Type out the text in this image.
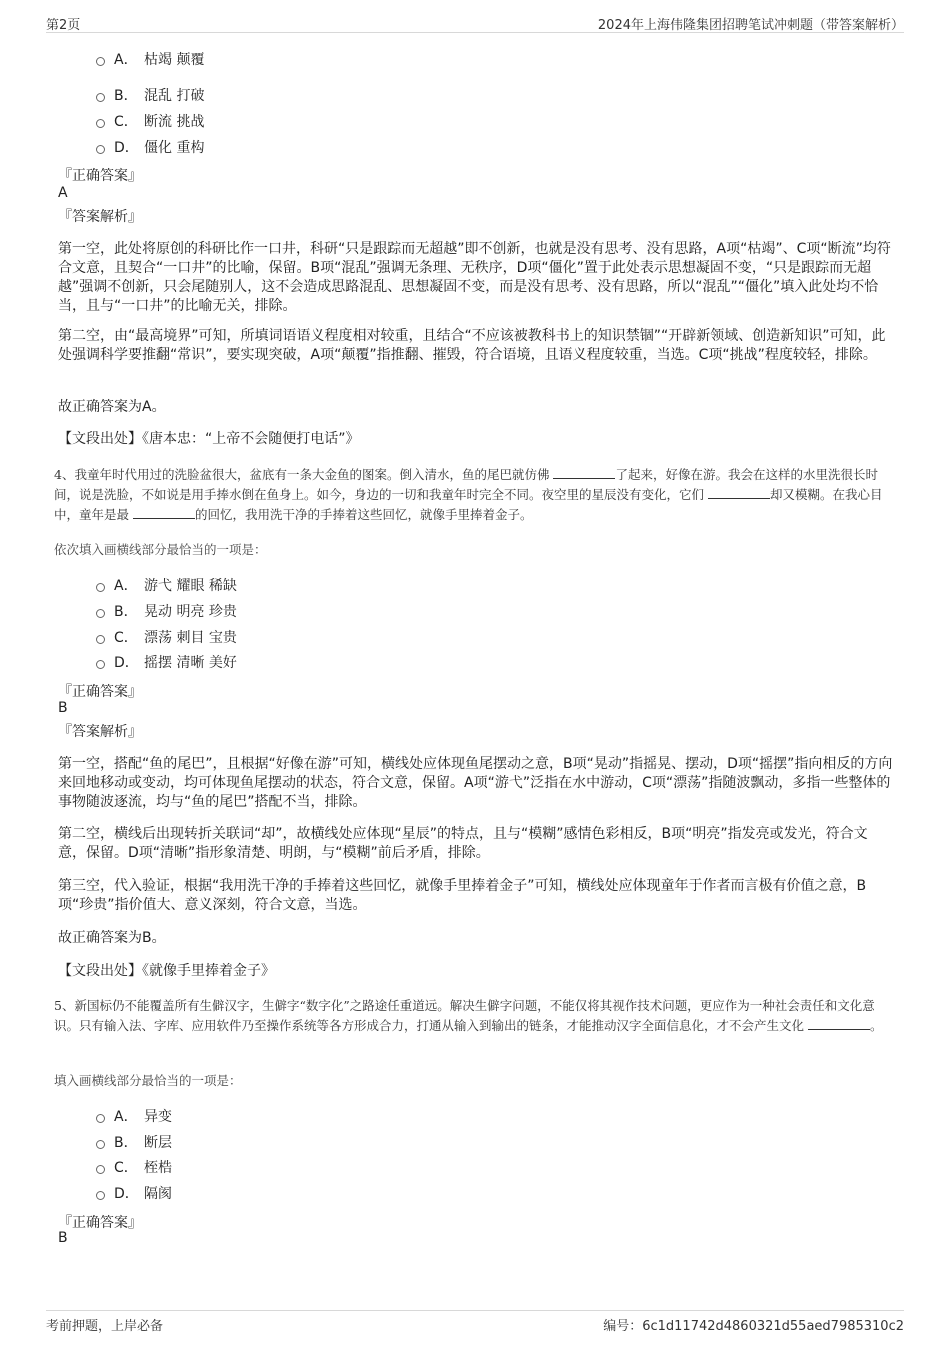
第2页	2024年上海伟隆集团招聘笔试冲刺题（带答案解析）
A． 枯竭 颠覆
B． 混乱 打破
C． 断流 挑战
D． 僵化 重构
『正确答案』
A
『答案解析』
第一空，此处将原创的科研比作一口井，科研“只是跟踪而无超越”即不创新，也就是没有思考、没有思路，A项“枯竭”、C项“断流”均符合文意，且契合“一口井”的比喻，保留。B项“混乱”强调无条理、无秩序，D项“僵化”置于此处表示思想凝固不变，“只是跟踪而无超越”强调不创新，只会尾随别人，这不会造成思路混乱、思想凝固不变，而是没有思考、没有思路，所以“混乱”“僵化”填入此处均不恰当，且与“一口井”的比喻无关，排除。
第二空，由“最高境界”可知，所填词语语义程度相对较重，且结合“不应该被教科书上的知识禁锢”“开辟新领域、创造新知识”可知，此处强调科学要推翻“常识”，要实现突破，A项“颠覆”指推翻、摧毁，符合语境，且语义程度较重，当选。C项“挑战”程度较轻，排除。
故正确答案为A。
【文段出处】《唐本忠：“上帝不会随便打电话”》
4、我童年时代用过的洗脸盆很大，盆底有一条大金鱼的图案。倒入清水，鱼的尾巴就仿佛	了起来，好像在游。我会在这样的水里洗很长时间，说是洗脸，不如说是用手捧水倒在鱼身上。如今，身边的一切和我童年时完全不同。夜空里的星辰没有变化，它们	却又模糊。在我心目中，童年是最	的回忆，我用洗干净的手捧着这些回忆，就像手里捧着金子。
依次填入画横线部分最恰当的一项是：
A． 游弋 耀眼 稀缺
B． 晃动 明亮 珍贵
C． 漂荡 刺目 宝贵
D． 摇摆 清晰 美好
『正确答案』
B
『答案解析』
第一空，搭配“鱼的尾巴”，且根据“好像在游”可知，横线处应体现鱼尾摆动之意，B项“晃动”指摇晃、摆动，D项“摇摆”指向相反的方向来回地移动或变动，均可体现鱼尾摆动的状态，符合文意，保留。A项“游弋”泛指在水中游动，C项“漂荡”指随波飘动，多指一些整体的事物随波逐流，均与“鱼的尾巴”搭配不当，排除。
第二空，横线后出现转折关联词“却”，故横线处应体现“星辰”的特点，且与“模糊”感情色彩相反，B项“明亮”指发亮或发光，符合文意，保留。D项“清晰”指形象清楚、明朗，与“模糊”前后矛盾，排除。
第三空，代入验证，根据“我用洗干净的手捧着这些回忆，就像手里捧着金子”可知，横线处应体现童年于作者而言极有价值之意，B项“珍贵”指价值大、意义深刻，符合文意，当选。
故正确答案为B。
【文段出处】《就像手里捧着金子》
5、新国标仍不能覆盖所有生僻汉字，生僻字“数字化”之路途任重道远。解决生僻字问题，不能仅将其视作技术问题，更应作为一种社会责任和文化意识。只有输入法、字库、应用软件乃至操作系统等各方形成合力，打通从输入到输出的链条，才能推动汉字全面信息化，才不会产生文化	。
填入画横线部分最恰当的一项是：
A． 异变
B． 断层
C． 桎梏
D． 隔阂
『正确答案』
B
考前押题，上岸必备	编号：6c1d11742d4860321d55aed7985310c2
